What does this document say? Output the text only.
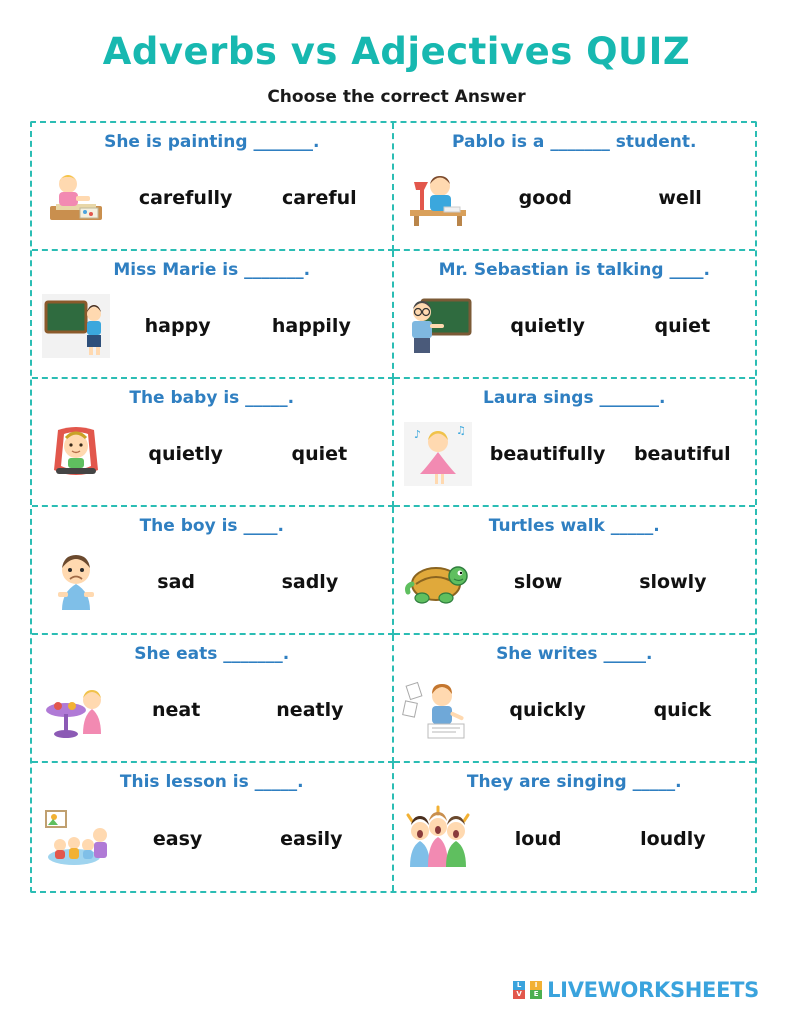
Adverbs vs Adjectives QUIZ
Choose the correct Answer
She is painting _______.
carefully	careful
Pablo is a _______ student.
good	well
Miss Marie is _______.
happy	happily
Mr. Sebastian is talking ____.
quietly	quiet
The baby is _____.
quietly	quiet
Laura sings _______.
♪	♫
beautifully beautiful
The boy is ____.
sad	sadly
Turtles walk _____.
slow	slowly
She eats _______.
neat	neatly
She writes _____.
quickly	quick
This lesson is _____.
easy	easily
They are singing _____.
loud	loudly
L
V
I
E LIVEWORKSHEETS
